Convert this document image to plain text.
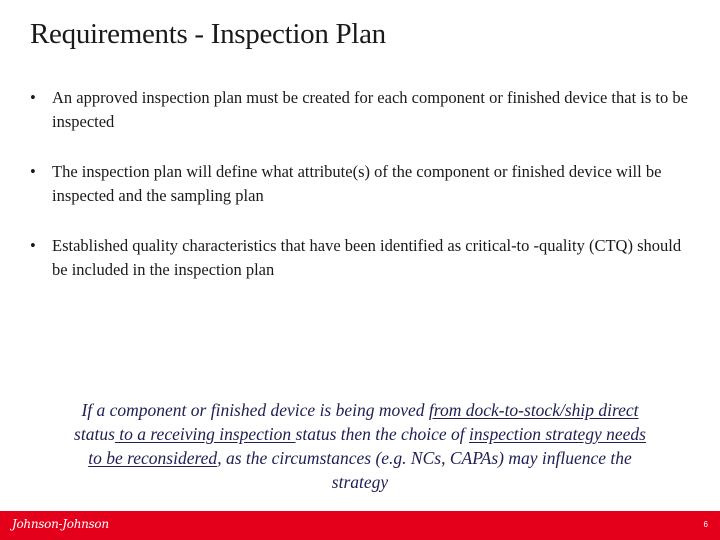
Requirements - Inspection Plan
• An approved inspection plan must be created for each component or finished device that is to be inspected
• The inspection plan will define what attribute(s) of the component or finished device will be inspected and the sampling plan
• Established quality characteristics that have been identified as critical-to -quality (CTQ) should be included in the inspection plan
If a component or finished device is being moved from dock-to-stock/ship direct status to a receiving inspection status then the choice of inspection strategy needs to be reconsidered, as the circumstances (e.g. NCs, CAPAs) may influence the strategy
Johnson-Johnson	6
